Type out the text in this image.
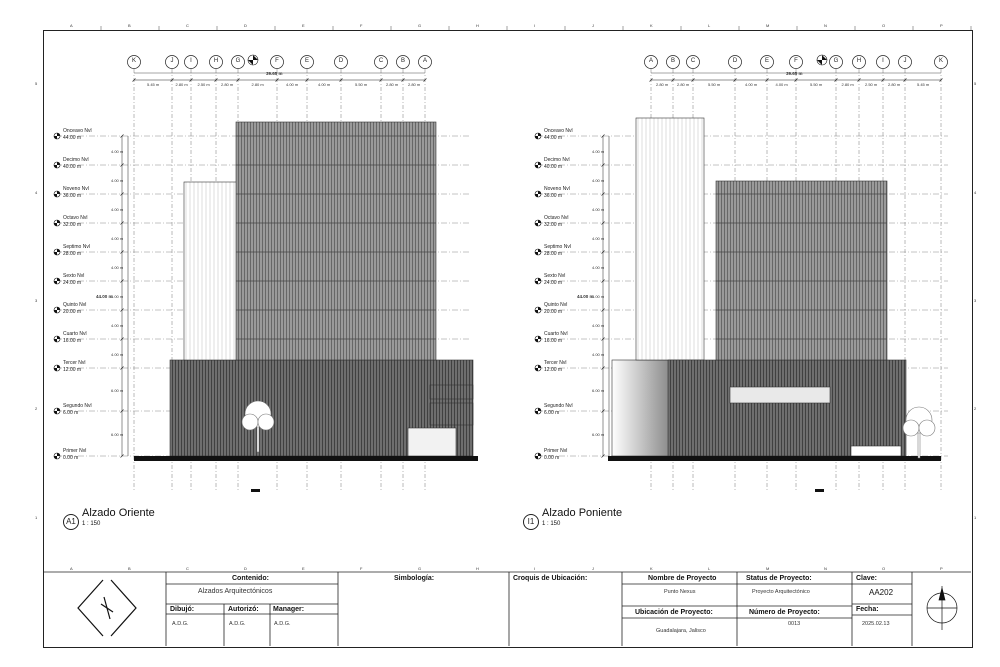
A
A
B
B
C
C
D
D
E
E
F
F
G
G
H
H
I
I
J
J
K
K
L
L
M
M
N
N
O
O
P
P
5	5
4	4
3	3
2	2
1	1
K	J	I	H	G	F	E	D	C	B	A
39.65 m
5.45 m	2.80 m 2.50 m	2.80 m	2.80 m	4.00 m	4.00 m	5.50 m	2.80 m 2.80 m
Onceavo Nvl
44.00 m
Decimo Nvl
40.00 m
Noveno Nvl
36.00 m
Octavo Nvl
32.00 m
Septimo Nvl
28.00 m
Sexto Nvl
24.00 m
Quinto Nvl
20.00 m
Cuarto Nvl
16.00 m
Tercer Nvl
12.00 m
Segundo Nvl
6.00 m
Primer Nvl
0.00 m
4.00 m
4.00 m
4.00 m
4.00 m
4.00 m
4.00 m
4.00 m
4.00 m
6.00 m
6.00 m
44.00 m
A	B	C	D	E	F	G	H	I	J	K
39.65 m
2.80 m 2.80 m	5.50 m	4.00 m	4.00 m	5.50 m	2.80 m	2.50 m	2.80 m	5.45 m
Onceavo Nvl
44.00 m
Decimo Nvl
40.00 m
Noveno Nvl
36.00 m
Octavo Nvl
32.00 m
Septimo Nvl
28.00 m
Sexto Nvl
24.00 m
Quinto Nvl
20.00 m
Cuarto Nvl
16.00 m
Tercer Nvl
12.00 m
Segundo Nvl
6.00 m
Primer Nvl
0.00 m
4.00 m
4.00 m
4.00 m
4.00 m
4.00 m
4.00 m
4.00 m
4.00 m
6.00 m
6.00 m
44.00 m
Alzado Oriente
1 : 150
A1
Alzado Poniente
1 : 150
I1
Contenido:
Alzados Arquitectónicos
Dibujó:
A.D.G.
Autorizó:
A.D.G.
Manager:
A.D.G.
Simbología:	Croquis de Ubicación:	Nombre de Proyecto
Punto Nexus
Ubicación de Proyecto:
Guadalajara, Jalisco
Status de Proyecto:
Proyecto Arquitectónico
Número de Proyecto:
0013
Clave:
AA202
Fecha:
2025.02.13
